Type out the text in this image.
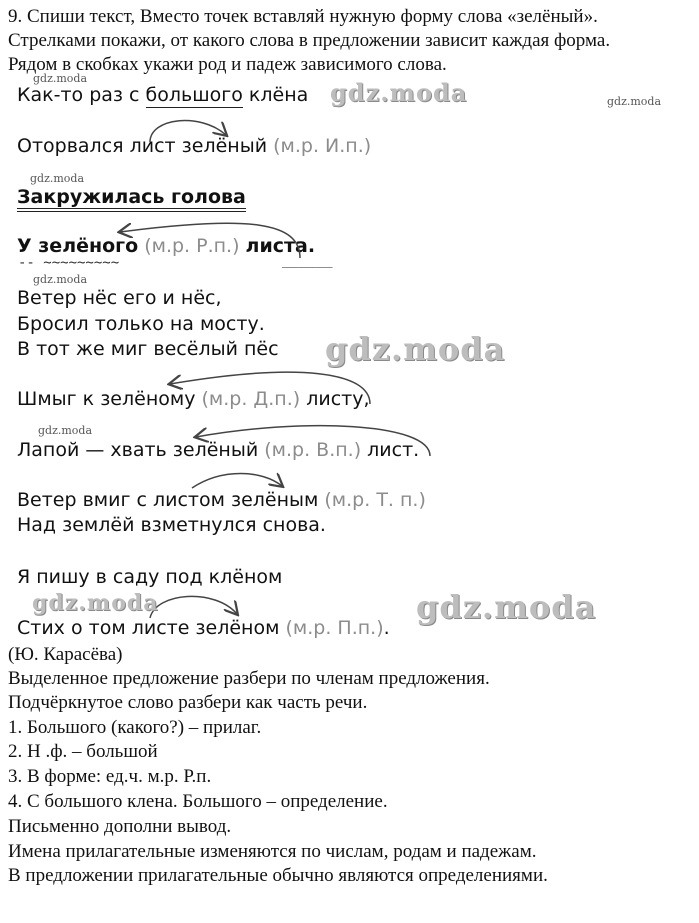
9. Спиши текст, Вместо точек вставляй нужную форму слова «зелёный».
Стрелками покажи, от какого слова в предложении зависит каждая форма.
Рядом в скобках укажи род и падеж зависимого слова.
Как-то раз с большого клёна
Оторвался лист зелёный (м.р. И.п.)
Закружилась голова
У зелёного (м.р. Р.п.) листа.
-- ~~~~~~~~~	______
Ветер нёс его и нёс,
Бросил только на мосту.
В тот же миг весёлый пёс
Шмыг к зелёному (м.р. Д.п.) листу,
Лапой — хвать зелёный (м.р. В.п.) лист.
Ветер вмиг с листом зелёным (м.р. Т. п.)
Над землёй взметнулся снова.
Я пишу в саду под клёном
Стих о том листе зелёном (м.р. П.п.).
(Ю. Карасёва)
Выделенное предложение разбери по членам предложения.
Подчёркнутое слово разбери как часть речи.
1. Большого (какого?) – прилаг.
2. Н .ф. – большой
3. В форме: ед.ч. м.р. Р.п.
4. С большого клена. Большого – определение.
Письменно дополни вывод.
Имена прилагательные изменяются по числам, родам и падежам.
В предложении прилагательные обычно являются определениями.
gdz.moda	gdz.moda	gdz.moda
gdz.moda
gdz.moda
gdz.moda
gdz.moda
gdz.moda	gdz.moda
